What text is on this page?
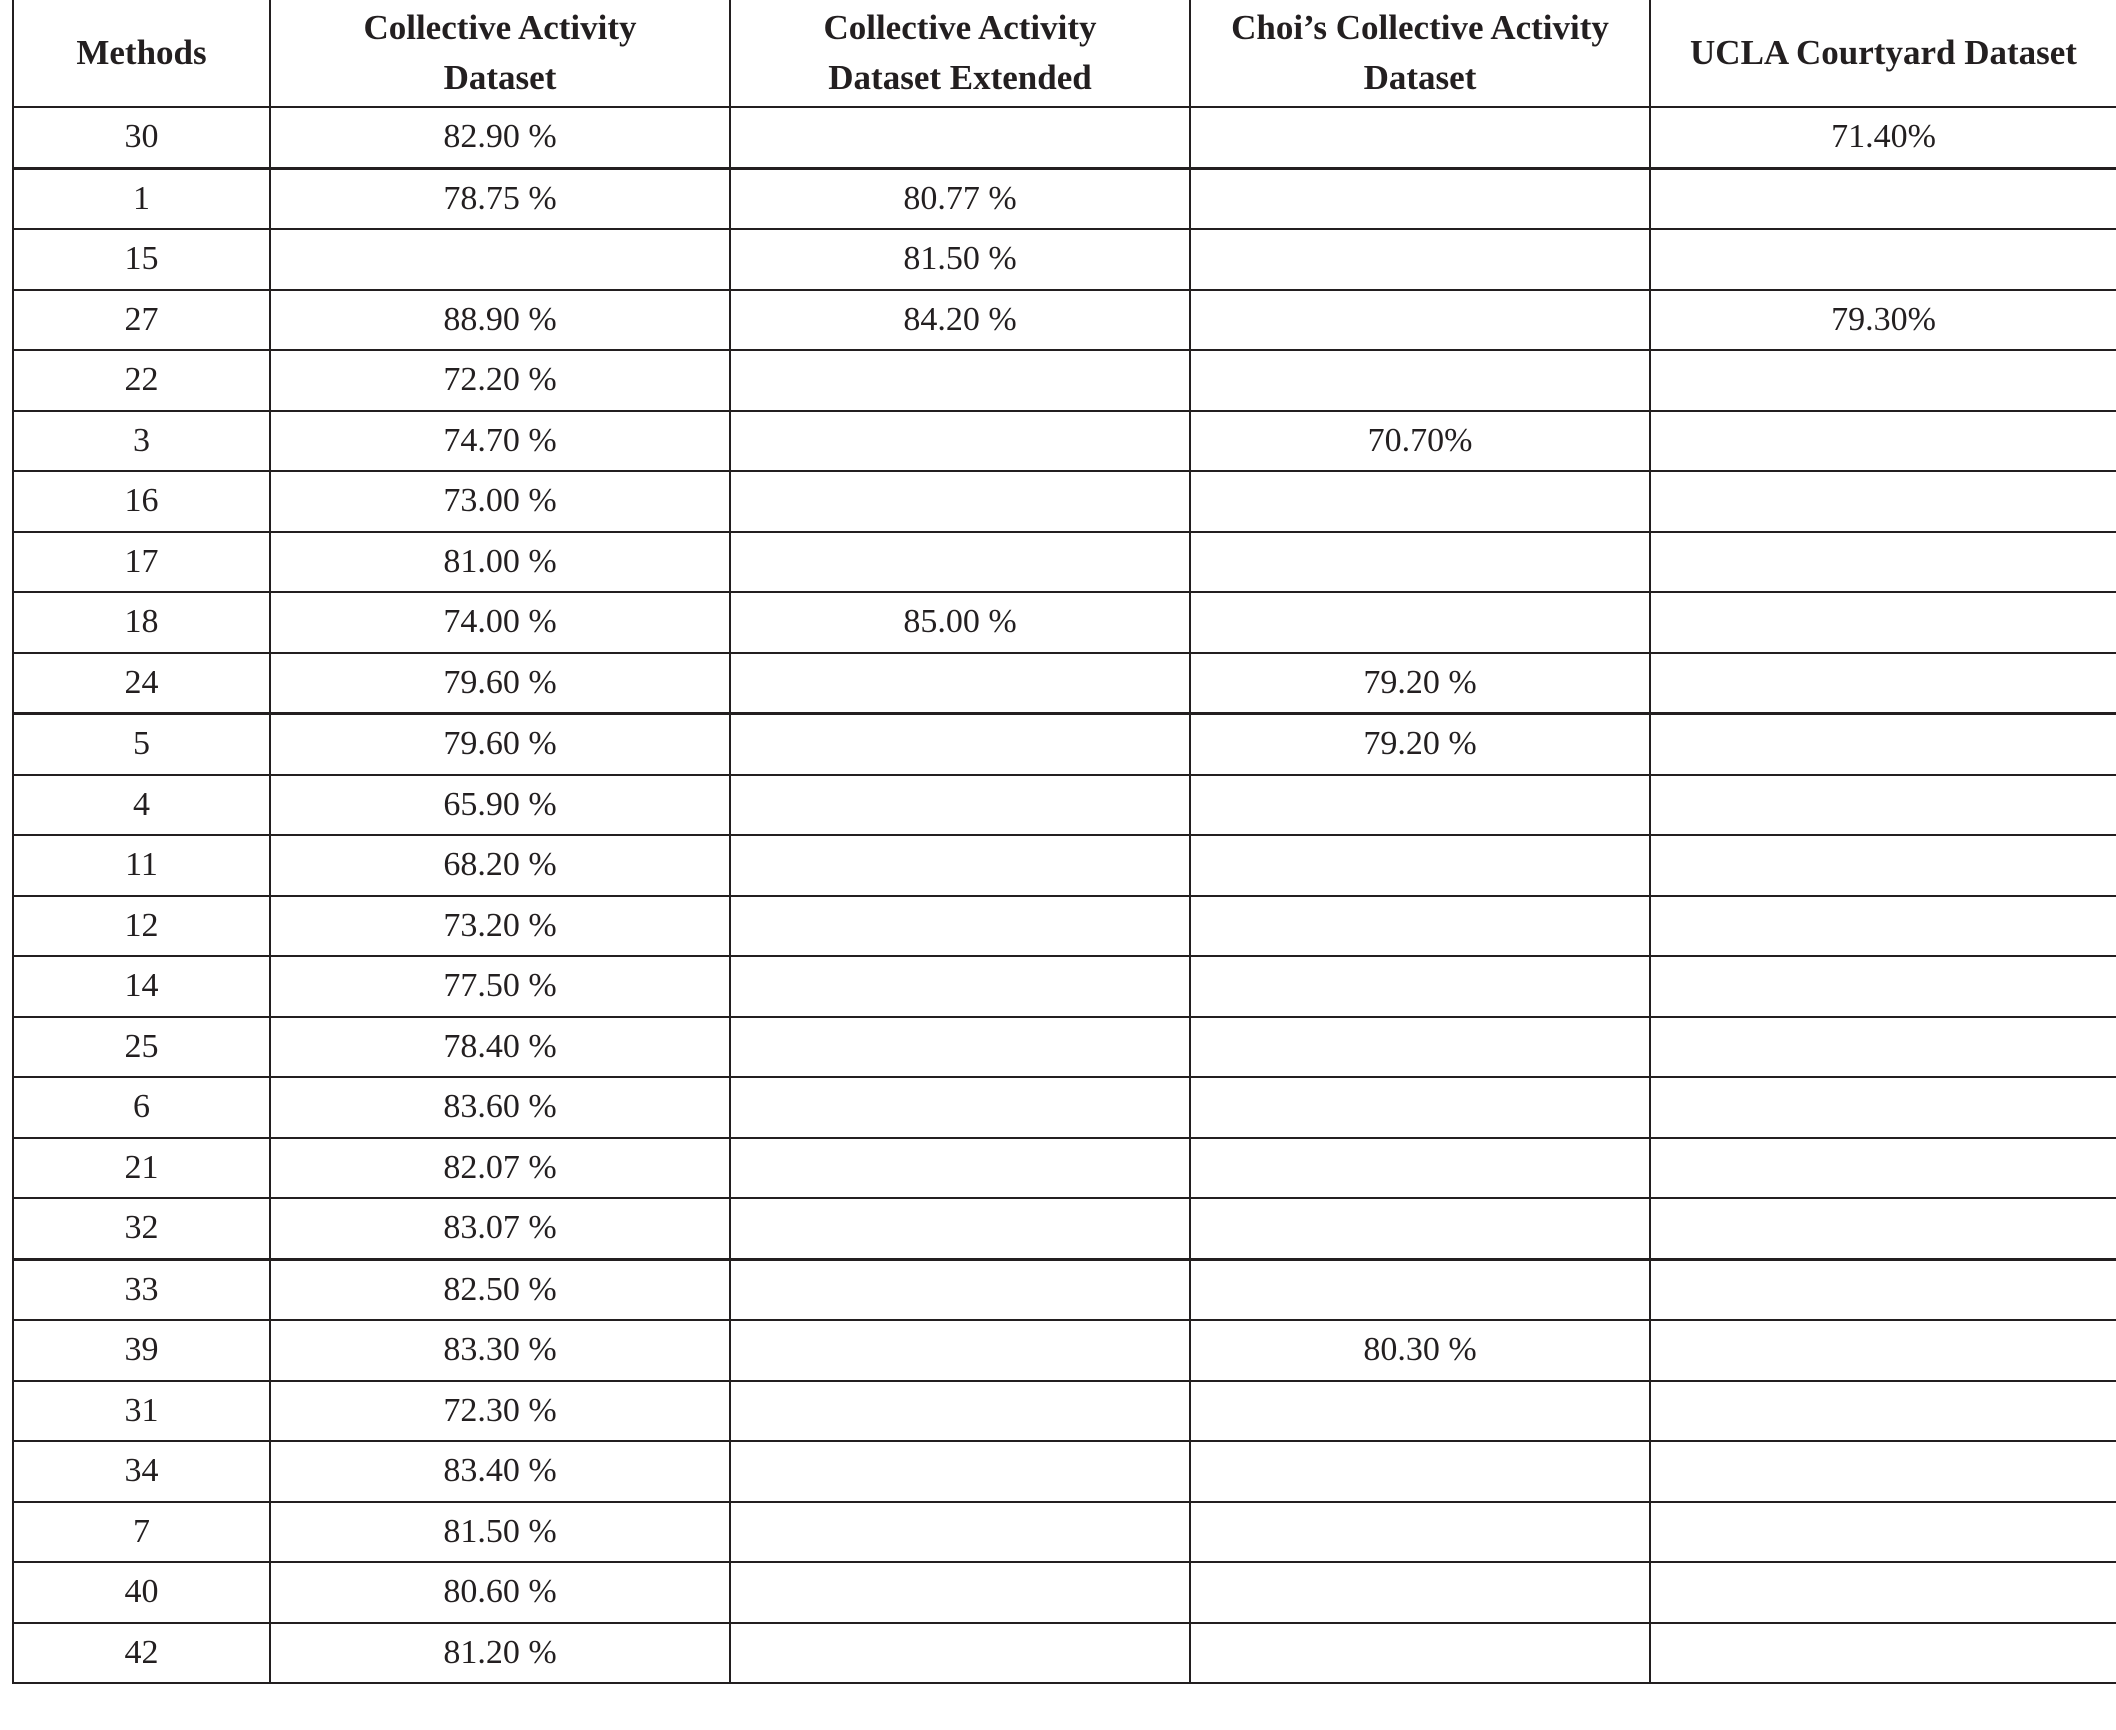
Methods	Collective Activity Dataset	Collective Activity Dataset Extended	Choi’s Collective Activity Dataset	UCLA Courtyard Dataset
30	82.90 %			71.40%
1	78.75 %	80.77 %		
15		81.50 %		
27	88.90 %	84.20 %		79.30%
22	72.20 %			
3	74.70 %		70.70%	
16	73.00 %			
17	81.00 %			
18	74.00 %	85.00 %		
24	79.60 %		79.20 %	
5	79.60 %		79.20 %	
4	65.90 %			
11	68.20 %			
12	73.20 %			
14	77.50 %			
25	78.40 %			
6	83.60 %			
21	82.07 %			
32	83.07 %			
33	82.50 %			
39	83.30 %		80.30 %	
31	72.30 %			
34	83.40 %			
7	81.50 %			
40	80.60 %			
42	81.20 %			
